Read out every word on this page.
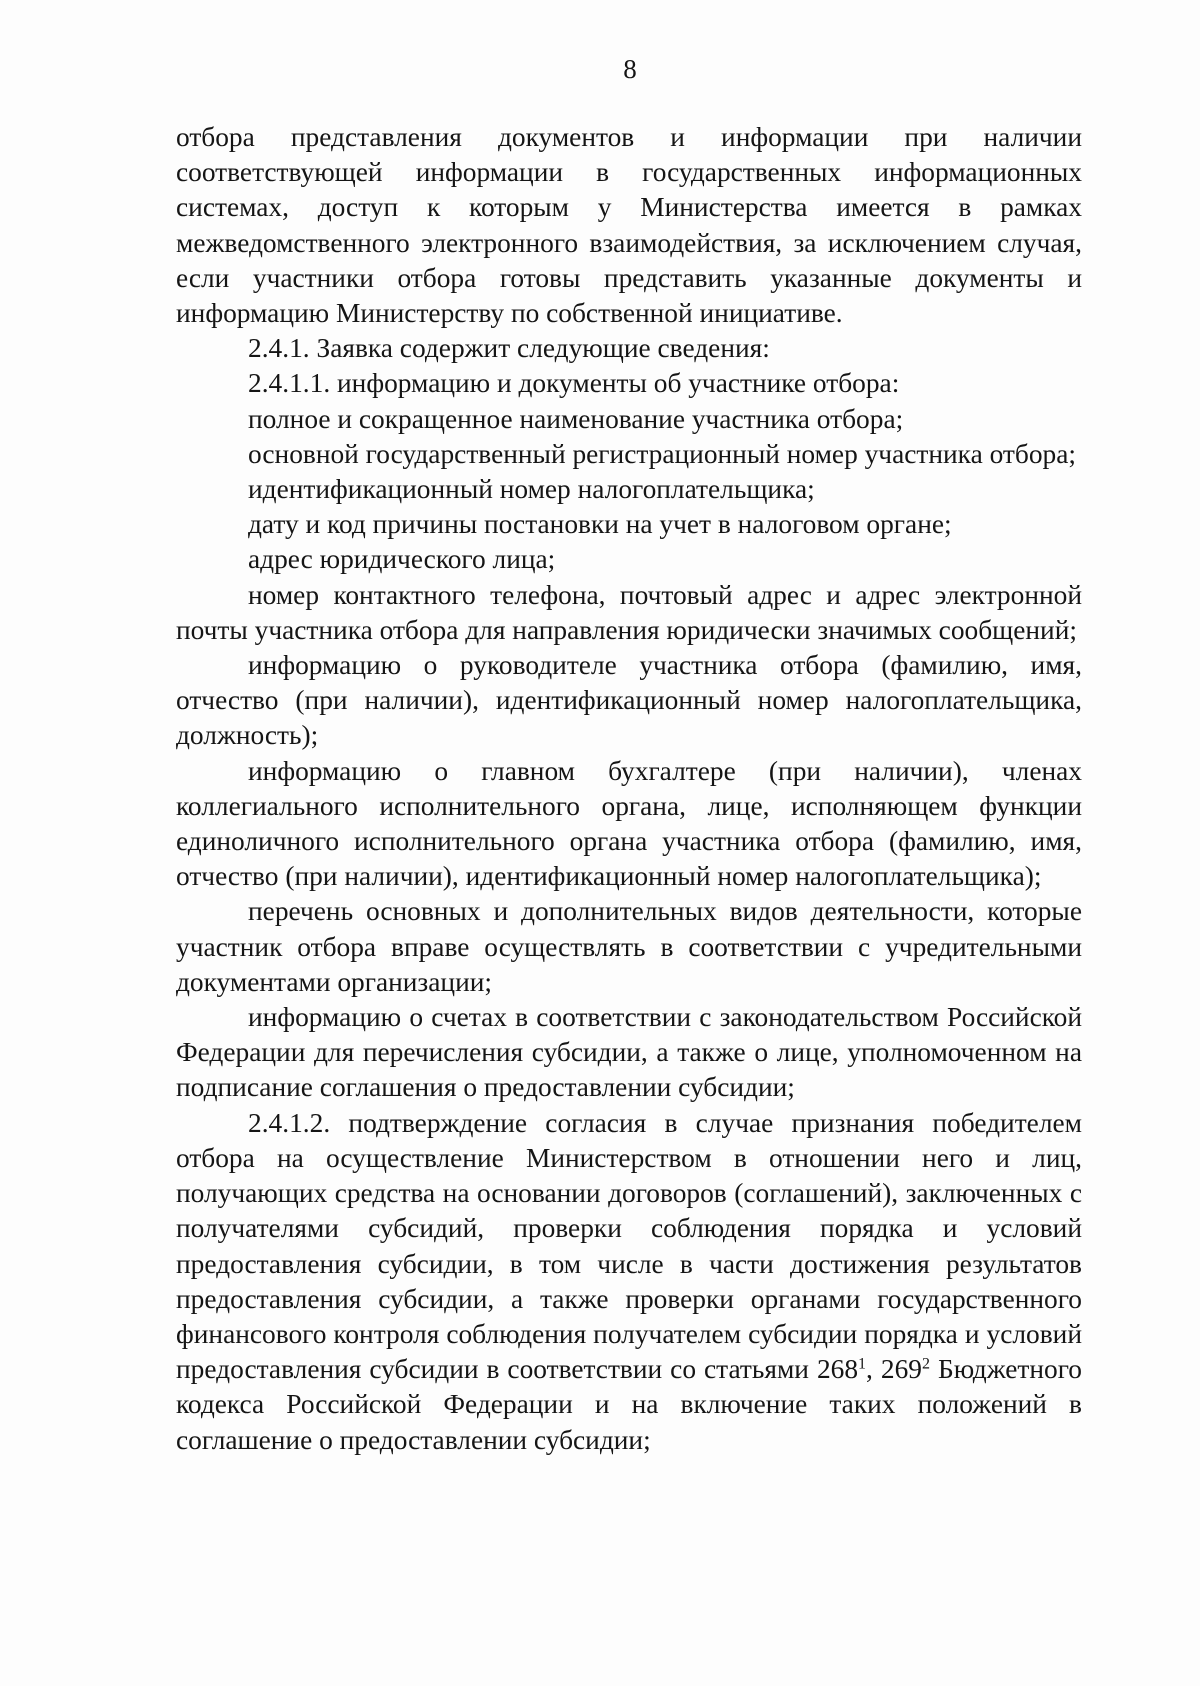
8

отбора представления документов и информации при наличии соответствующей информации в государственных информационных системах, доступ к которым у Министерства имеется в рамках межведомственного электронного взаимодействия, за исключением случая, если участники отбора готовы представить указанные документы и информацию Министерству по собственной инициативе.

2.4.1. Заявка содержит следующие сведения:

2.4.1.1. информацию и документы об участнике отбора:

полное и сокращенное наименование участника отбора;

основной государственный регистрационный номер участника отбора;

идентификационный номер налогоплательщика;

дату и код причины постановки на учет в налоговом органе;

адрес юридического лица;

номер контактного телефона, почтовый адрес и адрес электронной почты участника отбора для направления юридически значимых сообщений;

информацию о руководителе участника отбора (фамилию, имя, отчество (при наличии), идентификационный номер налогоплательщика, должность);

информацию о главном бухгалтере (при наличии), членах коллегиального исполнительного органа, лице, исполняющем функции единоличного исполнительного органа участника отбора (фамилию, имя, отчество (при наличии), идентификационный номер налогоплательщика);

перечень основных и дополнительных видов деятельности, которые участник отбора вправе осуществлять в соответствии с учредительными документами организации;

информацию о счетах в соответствии с законодательством Российской Федерации для перечисления субсидии, а также о лице, уполномоченном на подписание соглашения о предоставлении субсидии;

2.4.1.2. подтверждение согласия в случае признания победителем отбора на осуществление Министерством в отношении него и лиц, получающих средства на основании договоров (соглашений), заключенных с получателями субсидий, проверки соблюдения порядка и условий предоставления субсидии, в том числе в части достижения результатов предоставления субсидии, а также проверки органами государственного финансового контроля соблюдения получателем субсидии порядка и условий предоставления субсидии в соответствии со статьями $268^1$, $269^2$ Бюджетного кодекса Российской Федерации и на включение таких положений в соглашение о предоставлении субсидии;
